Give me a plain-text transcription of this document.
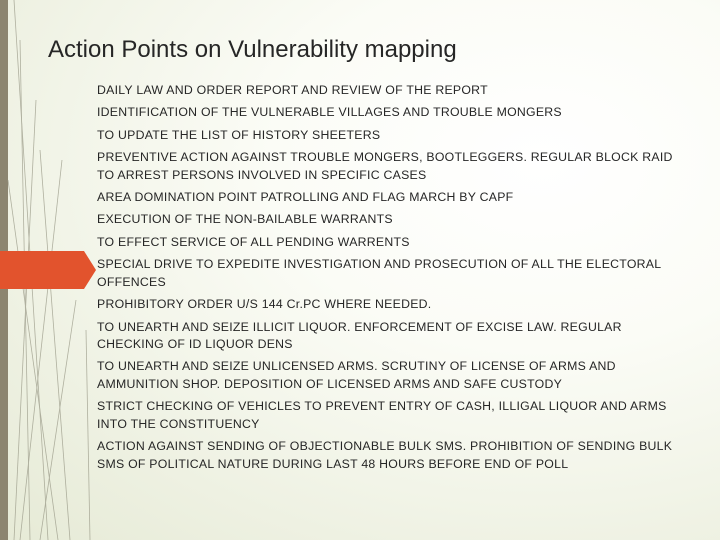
Action Points on Vulnerability mapping
DAILY LAW AND ORDER REPORT AND REVIEW OF THE REPORT
IDENTIFICATION OF THE VULNERABLE VILLAGES AND TROUBLE MONGERS
TO UPDATE THE LIST OF HISTORY SHEETERS
PREVENTIVE ACTION AGAINST TROUBLE MONGERS, BOOTLEGGERS. REGULAR BLOCK RAID TO ARREST PERSONS INVOLVED IN SPECIFIC CASES
AREA DOMINATION POINT PATROLLING AND FLAG MARCH BY CAPF
EXECUTION OF THE NON-BAILABLE WARRANTS
TO EFFECT SERVICE OF ALL PENDING WARRENTS
SPECIAL DRIVE TO EXPEDITE INVESTIGATION AND PROSECUTION OF ALL THE ELECTORAL OFFENCES
PROHIBITORY ORDER U/S 144 Cr.PC WHERE NEEDED.
TO UNEARTH AND SEIZE ILLICIT LIQUOR. ENFORCEMENT OF EXCISE LAW. REGULAR CHECKING OF ID LIQUOR DENS
TO UNEARTH AND SEIZE UNLICENSED ARMS. SCRUTINY OF LICENSE OF ARMS AND AMMUNITION SHOP. DEPOSITION OF LICENSED ARMS AND SAFE CUSTODY
STRICT CHECKING OF VEHICLES TO PREVENT ENTRY OF CASH, ILLIGAL LIQUOR AND ARMS INTO THE CONSTITUENCY
ACTION AGAINST SENDING OF OBJECTIONABLE BULK SMS. PROHIBITION OF SENDING BULK SMS OF POLITICAL NATURE DURING LAST 48 HOURS BEFORE END OF POLL
